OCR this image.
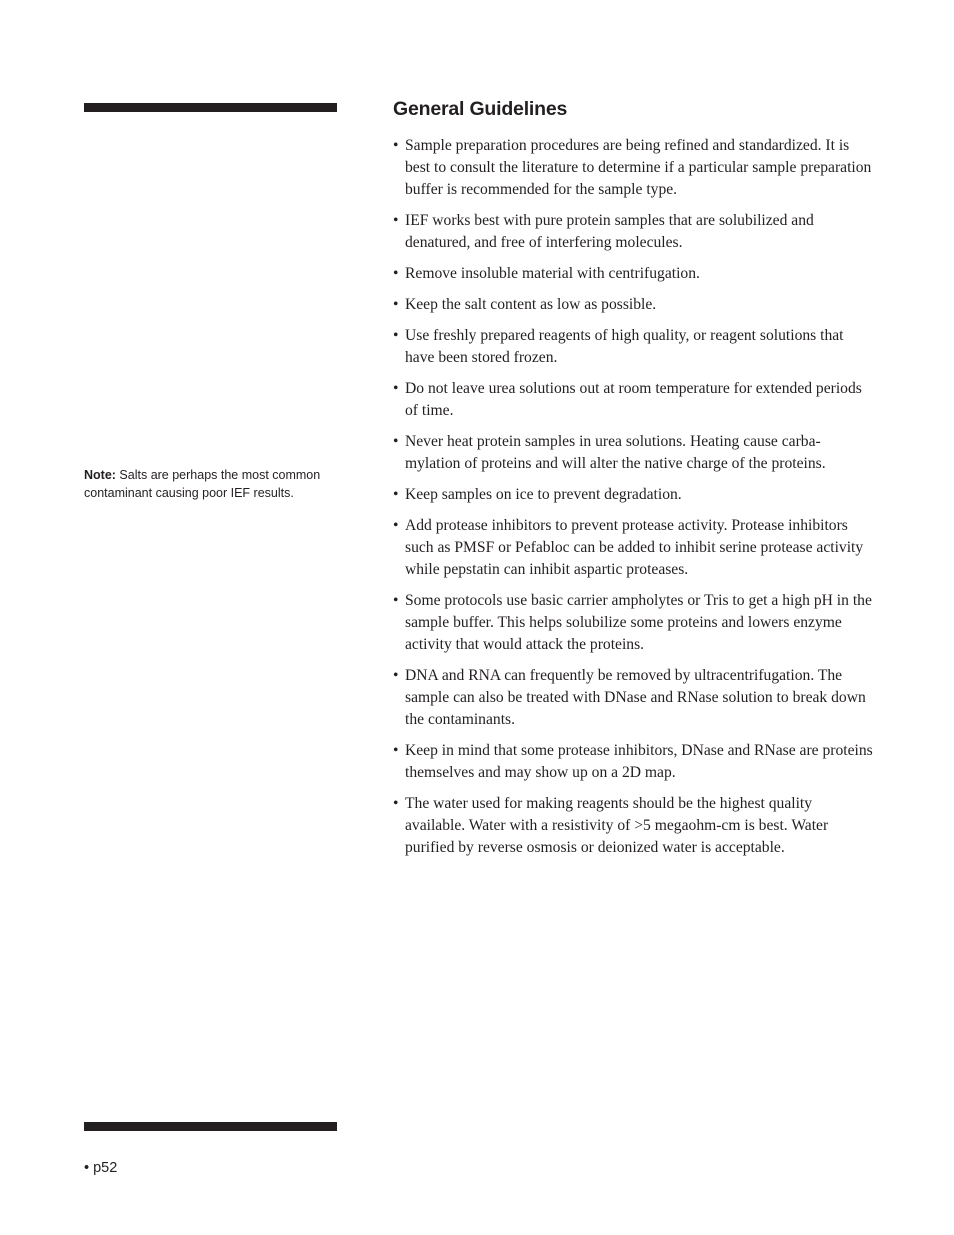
Note: Salts are perhaps the most common contaminant causing poor IEF results.
General Guidelines
• Sample preparation procedures are being refined and standardized. It is best to consult the literature to determine if a particular sample preparation buffer is recommended for the sample type.
• IEF works best with pure protein samples that are solubilized and denatured, and free of interfering molecules.
• Remove insoluble material with centrifugation.
• Keep the salt content as low as possible.
• Use freshly prepared reagents of high quality, or reagent solutions that have been stored frozen.
• Do not leave urea solutions out at room temperature for extended periods of time.
• Never heat protein samples in urea solutions. Heating cause carba-mylation of proteins and will alter the native charge of the proteins.
• Keep samples on ice to prevent degradation.
• Add protease inhibitors to prevent protease activity. Protease inhibitors such as PMSF or Pefabloc can be added to inhibit serine protease activity while pepstatin can inhibit aspartic proteases.
• Some protocols use basic carrier ampholytes or Tris to get a high pH in the sample buffer. This helps solubilize some proteins and lowers enzyme activity that would attack the proteins.
• DNA and RNA can frequently be removed by ultracentrifugation. The sample can also be treated with DNase and RNase solution to break down the contaminants.
• Keep in mind that some protease inhibitors, DNase and RNase are proteins themselves and may show up on a 2D map.
• The water used for making reagents should be the highest quality available. Water with a resistivity of >5 megaohm-cm is best. Water purified by reverse osmosis or deionized water is acceptable.
• p52
